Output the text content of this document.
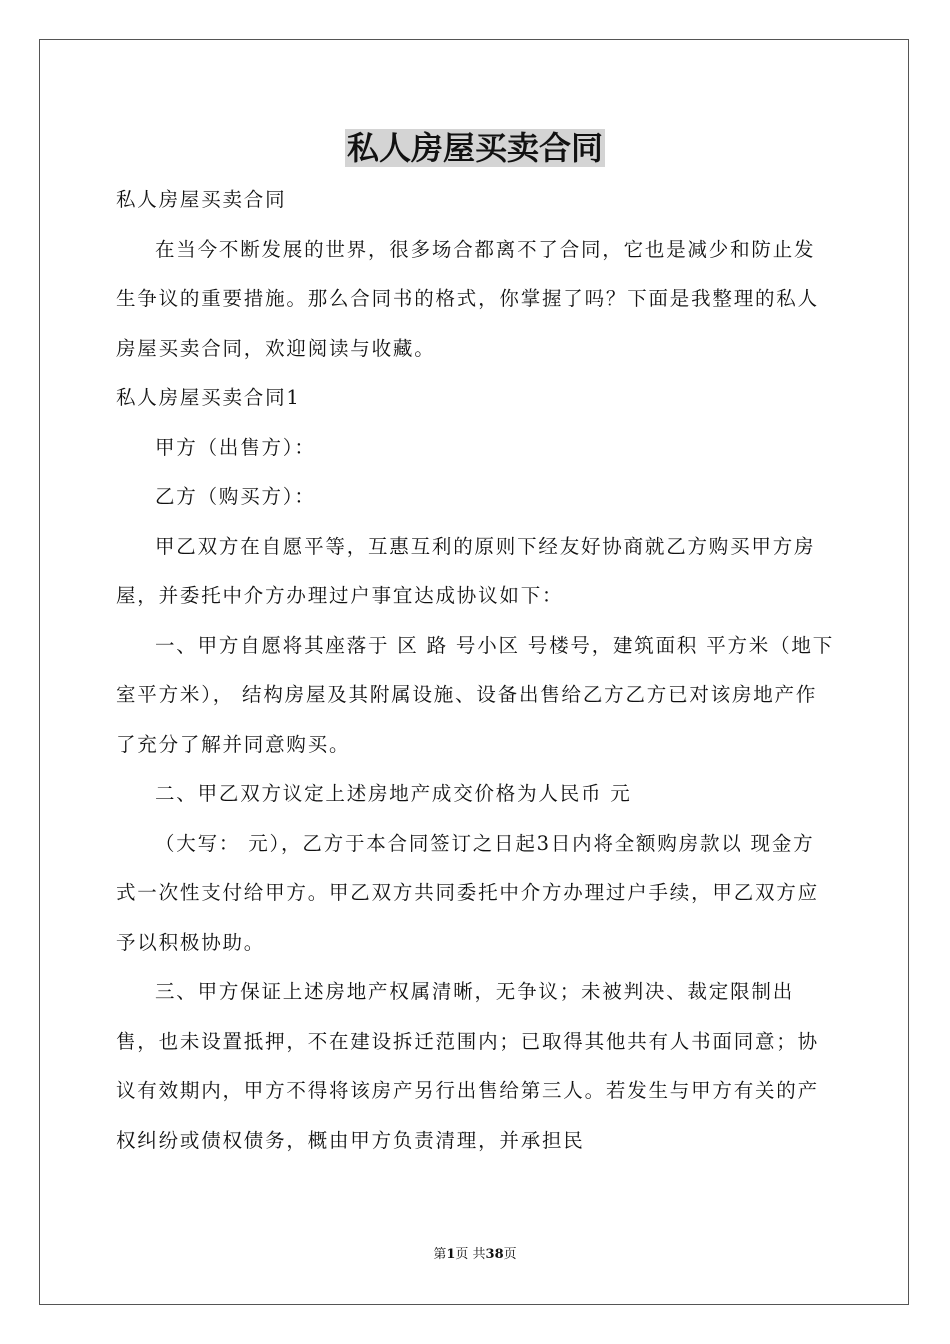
私人房屋买卖合同

私人房屋买卖合同

在当今不断发展的世界，很多场合都离不了合同，它也是减少和防止发生争议的重要措施。那么合同书的格式，你掌握了吗？下面是我整理的私人房屋买卖合同，欢迎阅读与收藏。

私人房屋买卖合同1

甲方（出售方）：

乙方（购买方）：

甲乙双方在自愿平等，互惠互利的原则下经友好协商就乙方购买甲方房屋，并委托中介方办理过户事宜达成协议如下：

一、甲方自愿将其座落于 区 路 号小区 号楼号，建筑面积 平方米（地下室平方米）， 结构房屋及其附属设施、设备出售给乙方乙方已对该房地产作了充分了解并同意购买。

二、甲乙双方议定上述房地产成交价格为人民币 元

（大写： 元），乙方于本合同签订之日起3日内将全额购房款以 现金方式一次性支付给甲方。甲乙双方共同委托中介方办理过户手续，甲乙双方应予以积极协助。

三、甲方保证上述房地产权属清晰，无争议；未被判决、裁定限制出售，也未设置抵押，不在建设拆迁范围内；已取得其他共有人书面同意；协议有效期内，甲方不得将该房产另行出售给第三人。若发生与甲方有关的产权纠纷或债权债务，概由甲方负责清理，并承担民

第1页 共38页
